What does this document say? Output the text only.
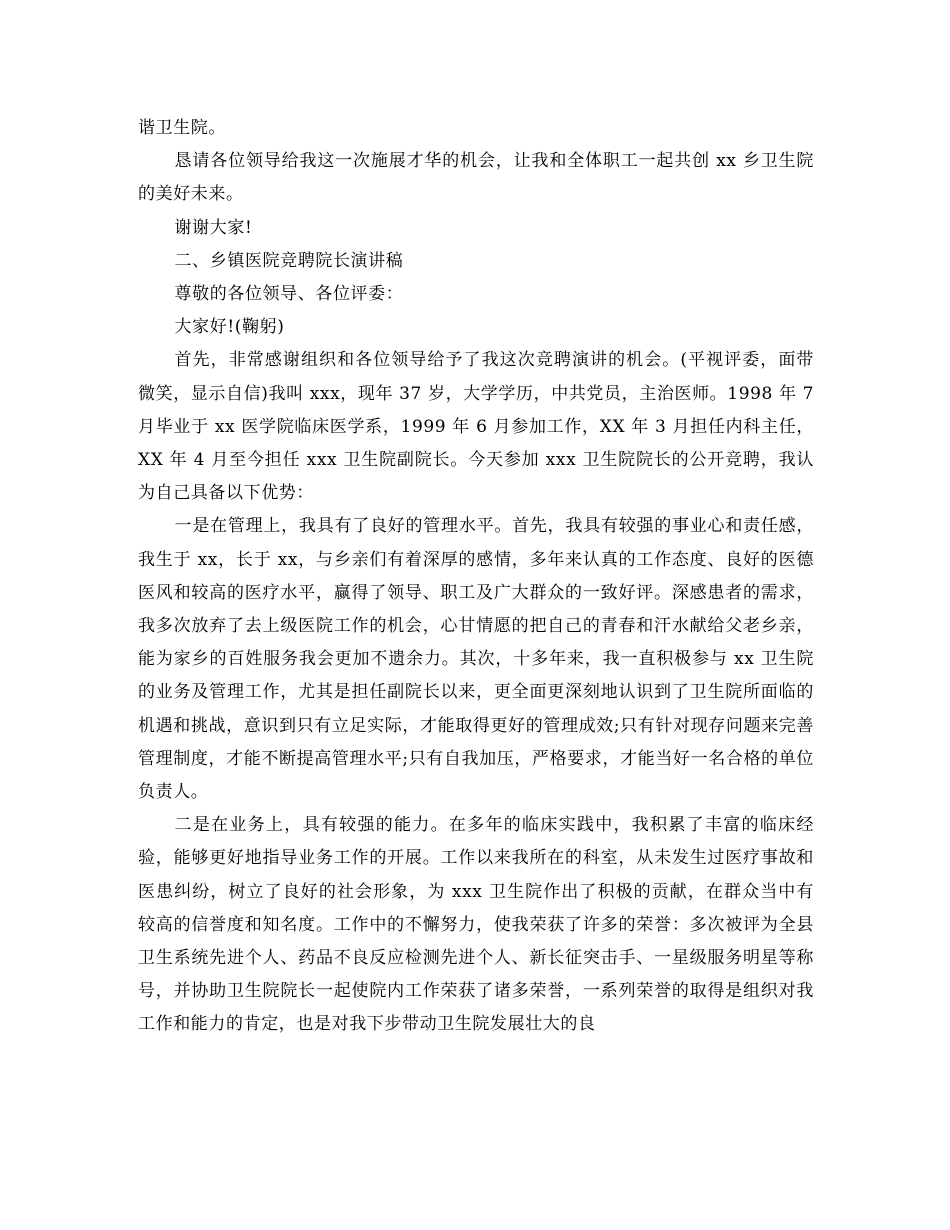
谐卫生院。

恳请各位领导给我这一次施展才华的机会，让我和全体职工一起共创 xx 乡卫生院的美好未来。

谢谢大家!

二、乡镇医院竞聘院长演讲稿

尊敬的各位领导、各位评委：

大家好!(鞠躬)

首先，非常感谢组织和各位领导给予了我这次竞聘演讲的机会。(平视评委，面带微笑，显示自信)我叫 xxx，现年 37 岁，大学学历，中共党员，主治医师。1998 年 7 月毕业于 xx 医学院临床医学系，1999 年 6 月参加工作，XX 年 3 月担任内科主任，XX 年 4 月至今担任 xxx 卫生院副院长。今天参加 xxx 卫生院院长的公开竞聘，我认为自己具备以下优势：

一是在管理上，我具有了良好的管理水平。首先，我具有较强的事业心和责任感，我生于 xx，长于 xx，与乡亲们有着深厚的感情，多年来认真的工作态度、良好的医德医风和较高的医疗水平，赢得了领导、职工及广大群众的一致好评。深感患者的需求，我多次放弃了去上级医院工作的机会，心甘情愿的把自己的青春和汗水献给父老乡亲，能为家乡的百姓服务我会更加不遗余力。其次，十多年来，我一直积极参与 xx 卫生院的业务及管理工作，尤其是担任副院长以来，更全面更深刻地认识到了卫生院所面临的机遇和挑战，意识到只有立足实际，才能取得更好的管理成效;只有针对现存问题来完善管理制度，才能不断提高管理水平;只有自我加压，严格要求，才能当好一名合格的单位负责人。

二是在业务上，具有较强的能力。在多年的临床实践中，我积累了丰富的临床经验，能够更好地指导业务工作的开展。工作以来我所在的科室，从未发生过医疗事故和医患纠纷，树立了良好的社会形象，为 xxx 卫生院作出了积极的贡献，在群众当中有较高的信誉度和知名度。工作中的不懈努力，使我荣获了许多的荣誉：多次被评为全县卫生系统先进个人、药品不良反应检测先进个人、新长征突击手、一星级服务明星等称号，并协助卫生院院长一起使院内工作荣获了诸多荣誉，一系列荣誉的取得是组织对我工作和能力的肯定，也是对我下步带动卫生院发展壮大的良
